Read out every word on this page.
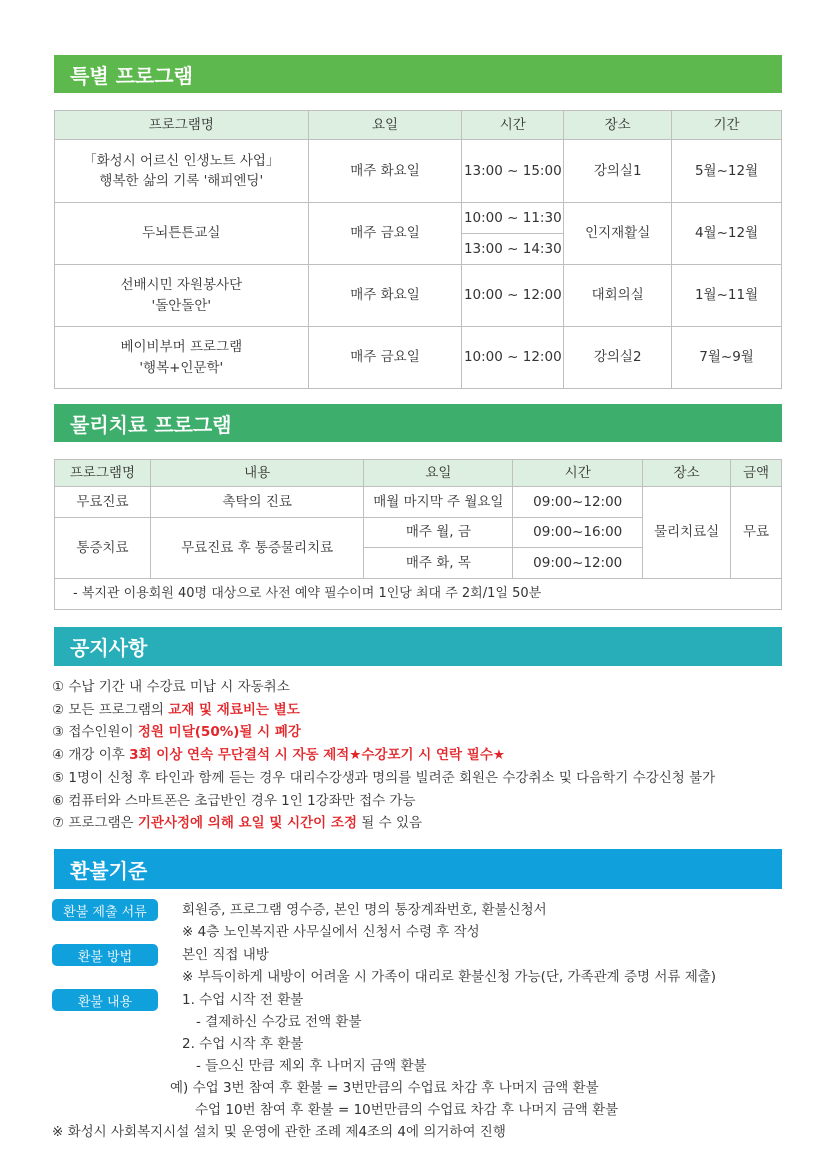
특별 프로그램
프로그램명	요일	시간	장소	기간

「화성시 어르신 인생노트 사업」
행복한 삶의 기록 '해피엔딩'	매주 화요일	13:00 ~ 15:00	강의실1	5월~12월
두뇌튼튼교실	매주 금요일	10:00 ~ 11:30	인지재활실	4월~12월
		13:00 ~ 14:30		

선배시민 자원봉사단
'돌안돌안'	매주 화요일	10:00 ~ 12:00	대회의실	1월~11월

베이비부머 프로그램
'행복+인문학'	매주 금요일	10:00 ~ 12:00	강의실2	7월~9월
물리치료 프로그램
프로그램명	내용	요일	시간	장소	금액
무료진료	촉탁의 진료	매월 마지막 주 월요일	09:00~12:00	물리치료실	무료
통증치료	무료진료 후 통증물리치료	매주 월, 금	09:00~16:00		
		매주 화, 목	09:00~12:00		
- 복지관 이용회원 40명 대상으로 사전 예약 필수이며 1인당 최대 주 2회/1일 50분					
공지사항
① 수납 기간 내 수강료 미납 시 자동취소
② 모든 프로그램의 교재 및 재료비는 별도
③ 접수인원이 정원 미달(50%)될 시 폐강
④ 개강 이후 3회 이상 연속 무단결석 시 자동 제적★수강포기 시 연락 필수★
⑤ 1명이 신청 후 타인과 함께 듣는 경우 대리수강생과 명의를 빌려준 회원은 수강취소 및 다음학기 수강신청 불가
⑥ 컴퓨터와 스마트폰은 초급반인 경우 1인 1강좌만 접수 가능
⑦ 프로그램은 기관사정에 의해 요일 및 시간이 조정 될 수 있음
환불기준
환불 제출 서류	회원증, 프로그램 영수증, 본인 명의 통장계좌번호, 환불신청서
※ 4층 노인복지관 사무실에서 신청서 수령 후 작성
환불 방법	본인 직접 내방
※ 부득이하게 내방이 어려울 시 가족이 대리로 환불신청 가능(단, 가족관계 증명 서류 제출)
환불 내용	1. 수업 시작 전 환불
- 결제하신 수강료 전액 환불
2. 수업 시작 후 환불
- 들으신 만큼 제외 후 나머지 금액 환불
예) 수업 3번 참여 후 환불 = 3번만큼의 수업료 차감 후 나머지 금액 환불
수업 10번 참여 후 환불 = 10번만큼의 수업료 차감 후 나머지 금액 환불
※ 화성시 사회복지시설 설치 및 운영에 관한 조례 제4조의 4에 의거하여 진행
